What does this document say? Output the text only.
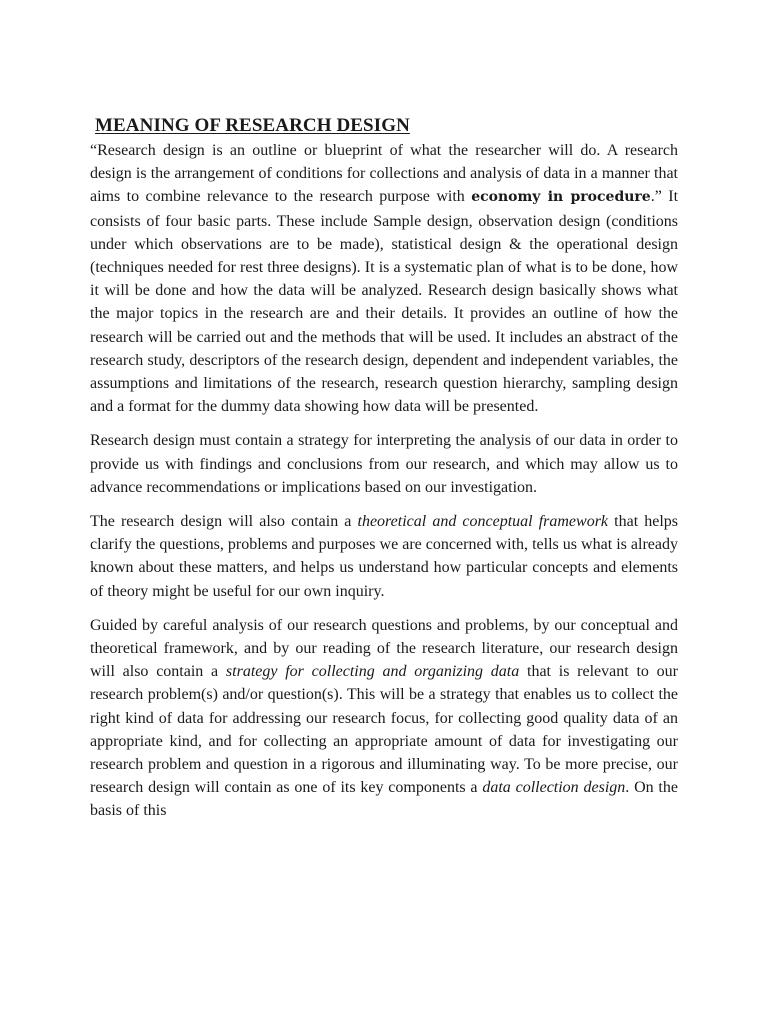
MEANING OF RESEARCH DESIGN

“Research design is an outline or blueprint of what the researcher will do. A research design is the arrangement of conditions for collections and analysis of data in a manner that aims to combine relevance to the research purpose with economy in procedure.” It consists of four basic parts. These include Sample design, observation design (conditions under which observations are to be made), statistical design & the operational design (techniques needed for rest three designs). It is a systematic plan of what is to be done, how it will be done and how the data will be analyzed. Research design basically shows what the major topics in the research are and their details. It provides an outline of how the research will be carried out and the methods that will be used. It includes an abstract of the research study, descriptors of the research design, dependent and independent variables, the assumptions and limitations of the research, research question hierarchy, sampling design and a format for the dummy data showing how data will be presented.

Research design must contain a strategy for interpreting the analysis of our data in order to provide us with findings and conclusions from our research, and which may allow us to advance recommendations or implications based on our investigation.

The research design will also contain a theoretical and conceptual framework that helps clarify the questions, problems and purposes we are concerned with, tells us what is already known about these matters, and helps us understand how particular concepts and elements of theory might be useful for our own inquiry.

Guided by careful analysis of our research questions and problems, by our conceptual and theoretical framework, and by our reading of the research literature, our research design will also contain a strategy for collecting and organizing data that is relevant to our research problem(s) and/or question(s). This will be a strategy that enables us to collect the right kind of data for addressing our research focus, for collecting good quality data of an appropriate kind, and for collecting an appropriate amount of data for investigating our research problem and question in a rigorous and illuminating way. To be more precise, our research design will contain as one of its key components a data collection design. On the basis of this
